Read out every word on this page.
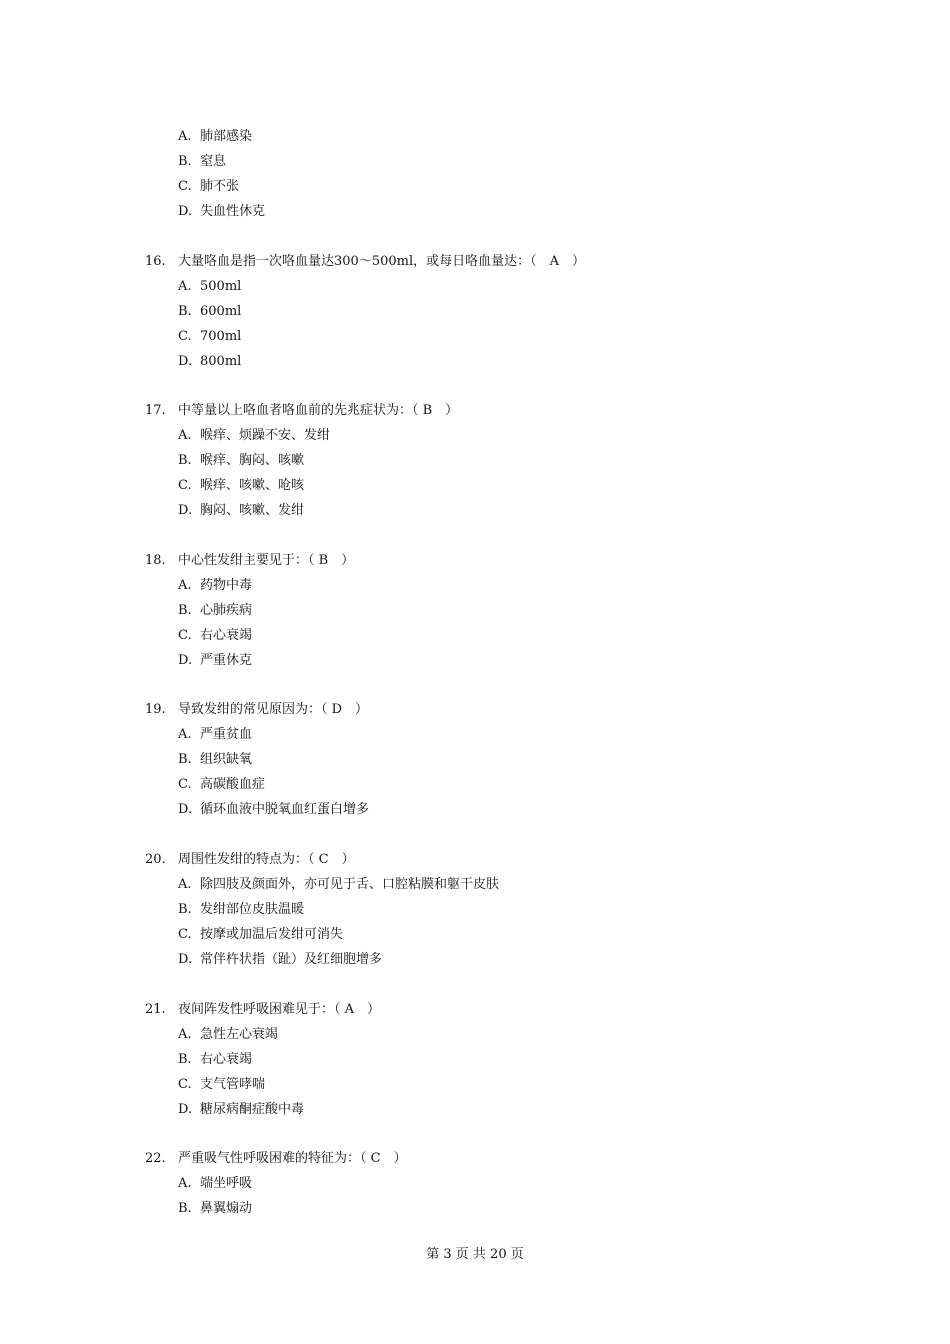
A. 肺部感染
B. 窒息
C. 肺不张
D. 失血性休克
16. 大量咯血是指一次咯血量达300～500ml，或每日咯血量达：（　A　）
A. 500ml
B. 600ml
C. 700ml
D. 800ml
17. 中等量以上咯血者咯血前的先兆症状为：（ B　）
A. 喉痒、烦躁不安、发绀
B. 喉痒、胸闷、咳嗽
C. 喉痒、咳嗽、呛咳
D. 胸闷、咳嗽、发绀
18. 中心性发绀主要见于：（ B　）
A. 药物中毒
B. 心肺疾病
C. 右心衰竭
D. 严重休克
19. 导致发绀的常见原因为：（ D　）
A. 严重贫血
B. 组织缺氧
C. 高碳酸血症
D. 循环血液中脱氧血红蛋白增多
20. 周围性发绀的特点为：（ C　）
A. 除四肢及颜面外，亦可见于舌、口腔粘膜和躯干皮肤
B. 发绀部位皮肤温暖
C. 按摩或加温后发绀可消失
D. 常伴杵状指（趾）及红细胞增多
21. 夜间阵发性呼吸困难见于：（ A　）
A. 急性左心衰竭
B. 右心衰竭
C. 支气管哮喘
D. 糖尿病酮症酸中毒
22. 严重吸气性呼吸困难的特征为：（ C　）
A. 端坐呼吸
B. 鼻翼煽动
第 3 页 共 20 页
